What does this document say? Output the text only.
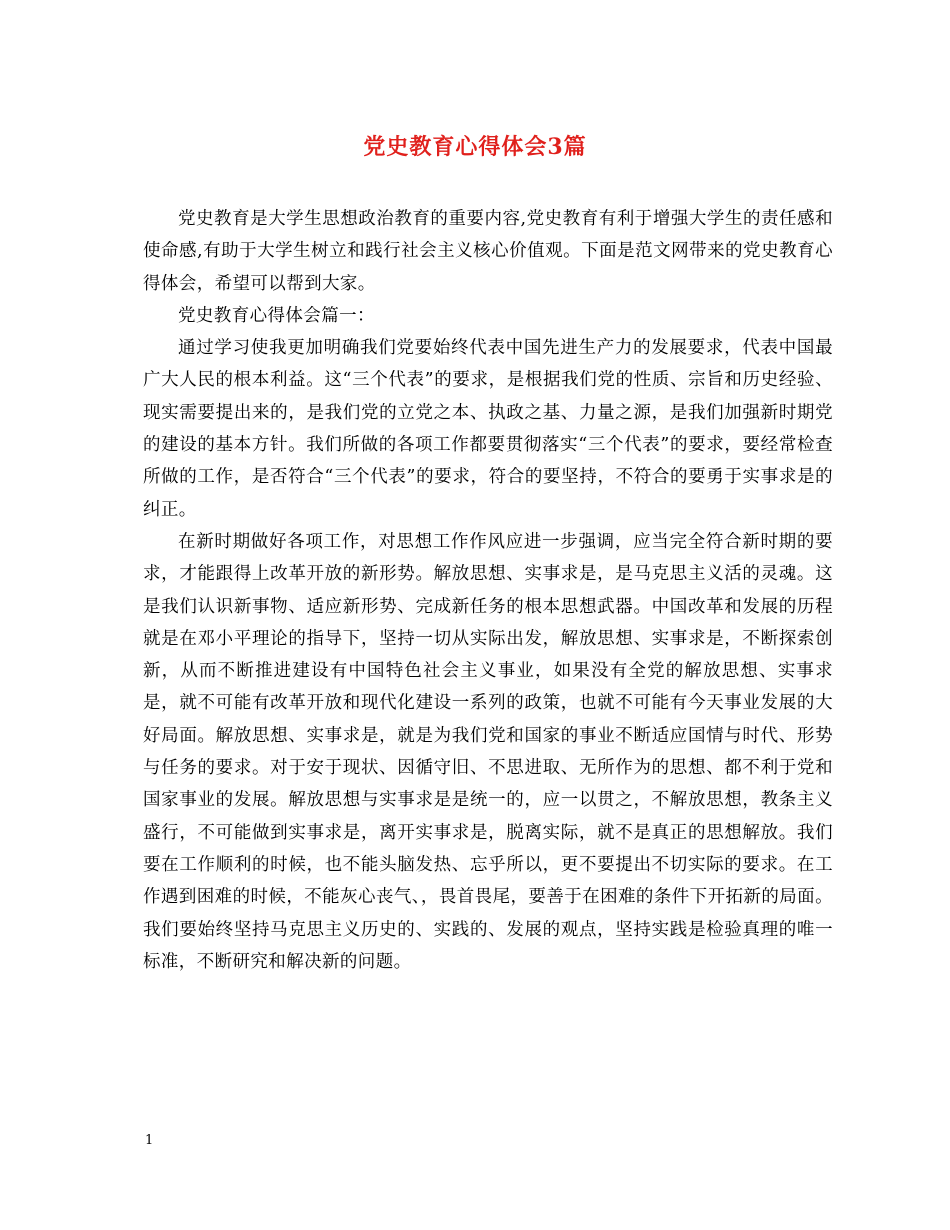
党史教育心得体会3篇

党史教育是大学生思想政治教育的重要内容,党史教育有利于增强大学生的责任感和使命感,有助于大学生树立和践行社会主义核心价值观。下面是范文网带来的党史教育心得体会，希望可以帮到大家。

党史教育心得体会篇一：

通过学习使我更加明确我们党要始终代表中国先进生产力的发展要求，代表中国最广大人民的根本利益。这“三个代表”的要求，是根据我们党的性质、宗旨和历史经验、现实需要提出来的，是我们党的立党之本、执政之基、力量之源，是我们加强新时期党的建设的基本方针。我们所做的各项工作都要贯彻落实“三个代表”的要求，要经常检查所做的工作，是否符合“三个代表”的要求，符合的要坚持，不符合的要勇于实事求是的纠正。

在新时期做好各项工作，对思想工作作风应进一步强调，应当完全符合新时期的要求，才能跟得上改革开放的新形势。解放思想、实事求是，是马克思主义活的灵魂。这是我们认识新事物、适应新形势、完成新任务的根本思想武器。中国改革和发展的历程就是在邓小平理论的指导下，坚持一切从实际出发，解放思想、实事求是，不断探索创新，从而不断推进建设有中国特色社会主义事业，如果没有全党的解放思想、实事求是，就不可能有改革开放和现代化建设一系列的政策，也就不可能有今天事业发展的大好局面。解放思想、实事求是，就是为我们党和国家的事业不断适应国情与时代、形势与任务的要求。对于安于现状、因循守旧、不思进取、无所作为的思想、都不利于党和国家事业的发展。解放思想与实事求是是统一的，应一以贯之，不解放思想，教条主义盛行，不可能做到实事求是，离开实事求是，脱离实际，就不是真正的思想解放。我们要在工作顺利的时候，也不能头脑发热、忘乎所以，更不要提出不切实际的要求。在工作遇到困难的时候，不能灰心丧气、，畏首畏尾，要善于在困难的条件下开拓新的局面。我们要始终坚持马克思主义历史的、实践的、发展的观点，坚持实践是检验真理的唯一标准，不断研究和解决新的问题。

1
